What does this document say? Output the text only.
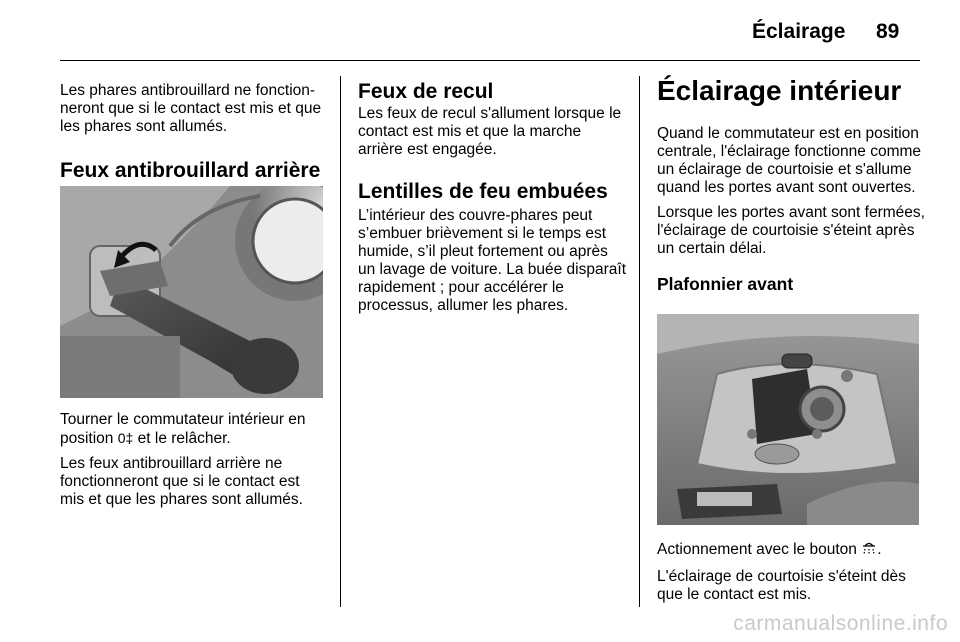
Éclairage 89

Les phares antibrouillard ne fonctionneront que si le contact est mis et que les phares sont allumés.

Feux antibrouillard arrière

Tourner le commutateur intérieur en position 0‡ et le relâcher.

Les feux antibrouillard arrière ne fonctionneront que si le contact est mis et que les phares sont allumés.

Feux de recul

Les feux de recul s'allument lorsque le contact est mis et que la marche arrière est engagée.

Lentilles de feu embuées

L’intérieur des couvre-phares peut s’embuer brièvement si le temps est humide, s’il pleut fortement ou après un lavage de voiture. La buée disparaît rapidement ; pour accélérer le processus, allumer les phares.

Éclairage intérieur

Quand le commutateur est en position centrale, l'éclairage fonctionne comme un éclairage de courtoisie et s'allume quand les portes avant sont ouvertes.

Lorsque les portes avant sont fermées, l'éclairage de courtoisie s'éteint après un certain délai.

Plafonnier avant

Actionnement avec le bouton .

L'éclairage de courtoisie s'éteint dès que le contact est mis.

carmanualsonline.info
